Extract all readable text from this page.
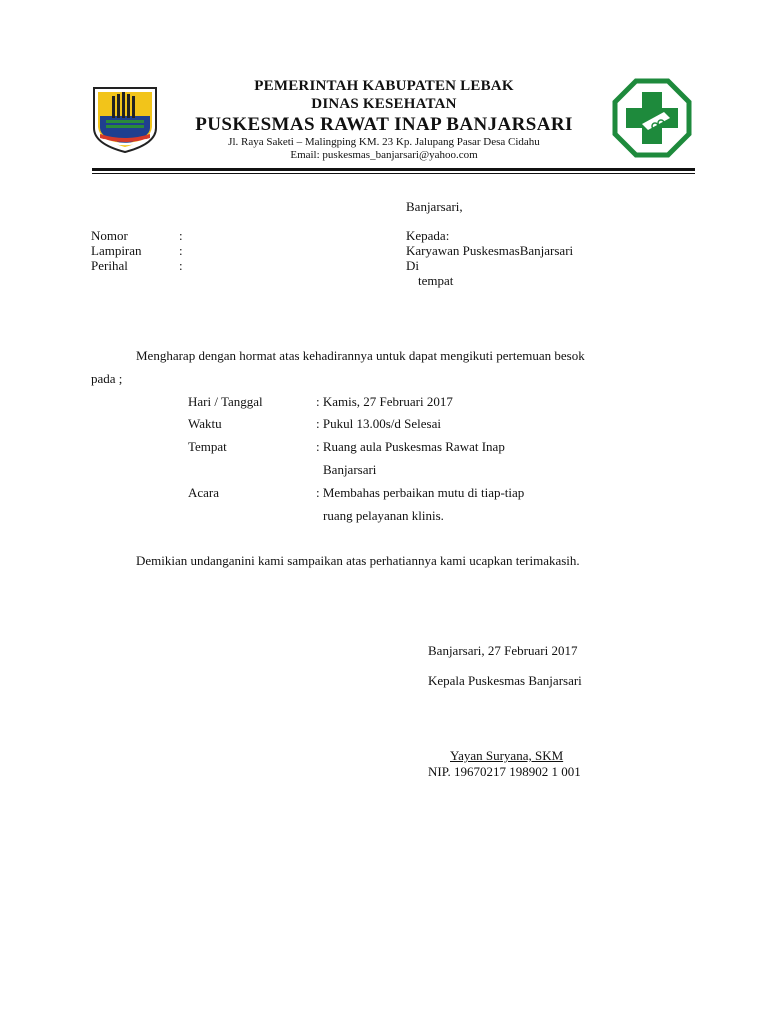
PEMERINTAH KABUPATEN LEBAK
DINAS KESEHATAN
PUSKESMAS RAWAT INAP BANJARSARI
Jl. Raya Saketi – Malingping KM. 23 Kp. Jalupang Pasar Desa Cidahu
Email: puskesmas_banjarsari@yahoo.com
Banjarsari,
Nomor	:
Lampiran	:
Perihal	:
Kepada:
Karyawan PuskesmasBanjarsari
Di
tempat
Mengharap dengan hormat atas kehadirannya untuk dapat mengikuti pertemuan besok
pada ;
Hari / Tanggal	: Kamis, 27 Februari 2017
Waktu	: Pukul 13.00s/d Selesai
Tempat	: Ruang aula Puskesmas Rawat Inap
Banjarsari
Acara	: Membahas perbaikan mutu di tiap-tiap
ruang pelayanan klinis.
Demikian undanganini kami sampaikan atas perhatiannya kami ucapkan terimakasih.
Banjarsari, 27 Februari 2017
Kepala Puskesmas Banjarsari
Yayan Suryana, SKM
NIP. 19670217 198902 1 001
